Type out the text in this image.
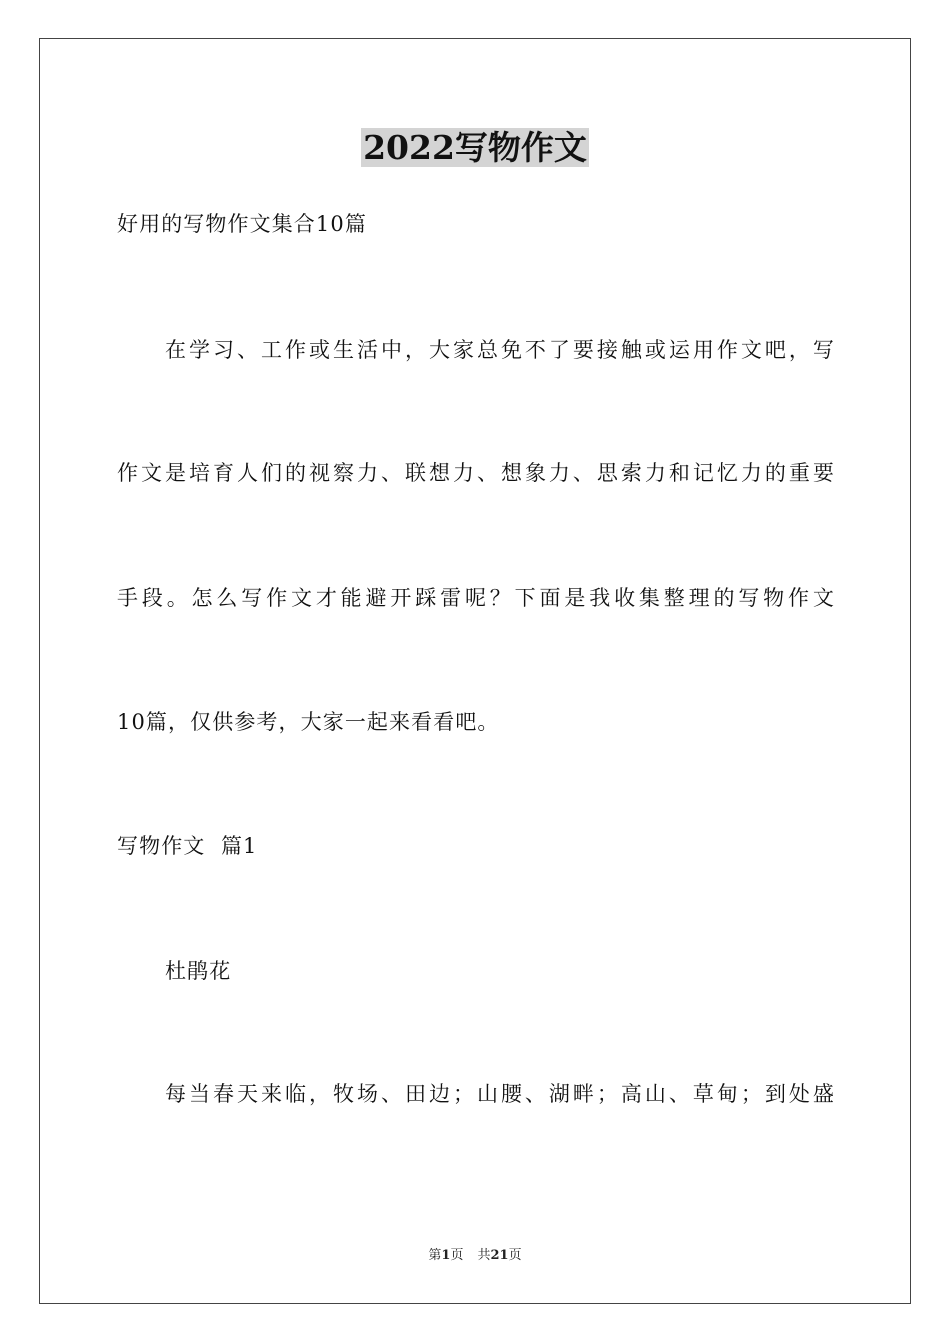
2022写物作文
好用的写物作文集合10篇
在学习、工作或生活中，大家总免不了要接触或运用作文吧，写
作文是培育人们的视察力、联想力、想象力、思索力和记忆力的重要
手段。怎么写作文才能避开踩雷呢？下面是我收集整理的写物作文
10篇，仅供参考，大家一起来看看吧。
写物作文  篇1
杜鹃花
每当春天来临，牧场、田边；山腰、湖畔；高山、草甸；到处盛
第1页 共21页
